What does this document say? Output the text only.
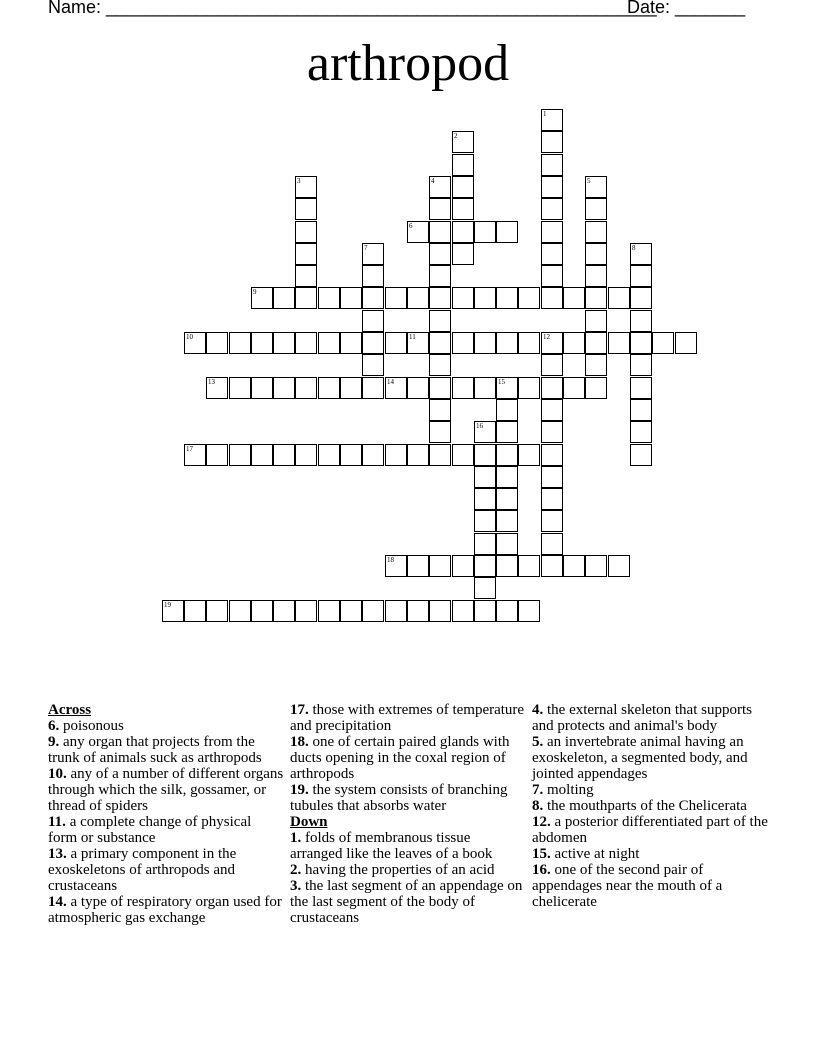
Name: _______________________________________________________
Date: _______
arthropod
1
2
3	4	5
6
7	8
9
10	11	12
13	14	15
16
17
18
19
Across
6. poisonous
9. any organ that projects from the trunk of animals suck as arthropods
10. any of a number of different organs through which the silk, gossamer, or thread of spiders
11. a complete change of physical form or substance
13. a primary component in the exoskeletons of arthropods and crustaceans
14. a type of respiratory organ used for atmospheric gas exchange
17. those with extremes of temperature and precipitation
18. one of certain paired glands with ducts opening in the coxal region of arthropods
19. the system consists of branching tubules that absorbs water
Down
1. folds of membranous tissue arranged like the leaves of a book
2. having the properties of an acid
3. the last segment of an appendage on the last segment of the body of crustaceans
4. the external skeleton that supports and protects and animal's body
5. an invertebrate animal having an exoskeleton, a segmented body, and jointed appendages
7. molting
8. the mouthparts of the Chelicerata
12. a posterior differentiated part of the abdomen
15. active at night
16. one of the second pair of appendages near the mouth of a chelicerate
